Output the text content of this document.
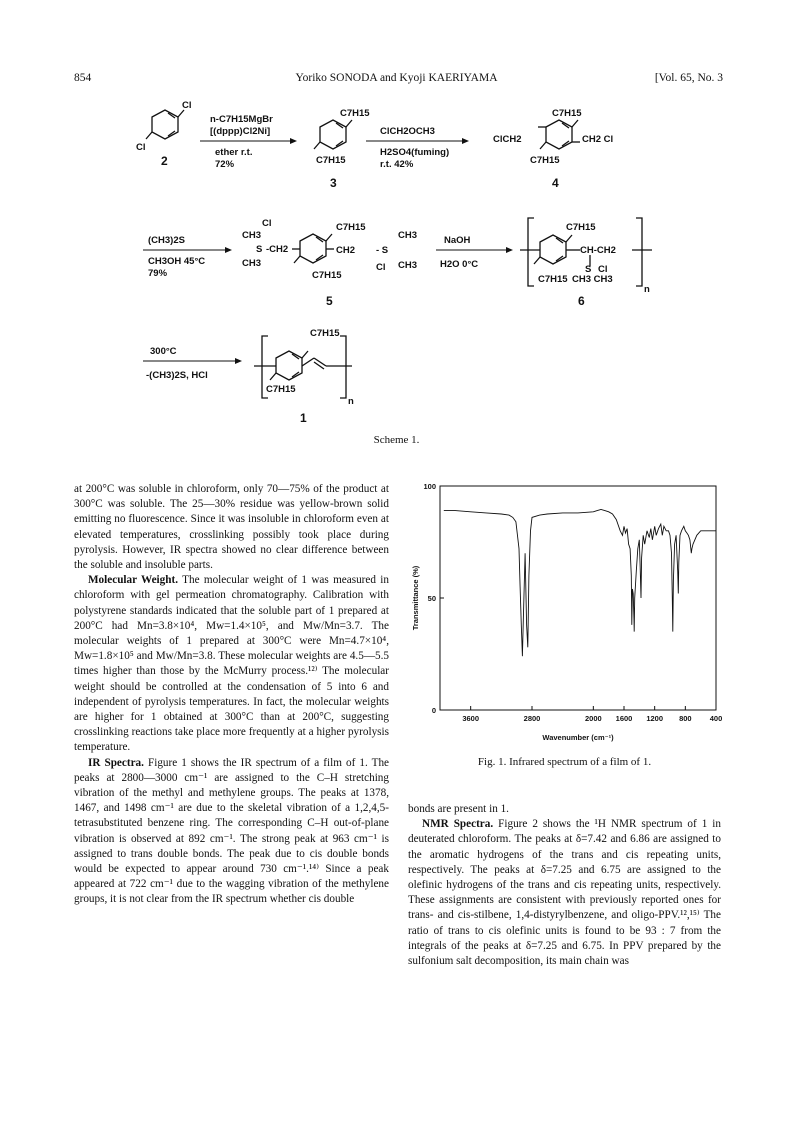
854	Yoriko SONODA and Kyoji KAERIYAMA	[Vol. 65, No. 3
Cl
Cl
2
n-C7H15MgBr
[(dppp)Cl2Ni]
ether r.t.
72%
C7H15
C7H15
3
ClCH2OCH3
H2SO4(fuming)
r.t. 42%
C7H15
ClCH2	CH2 Cl
C7H15
4
(CH3)2S
CH3OH 45°C
79%
CH3
Cl
S -CH2
CH3
C7H15
CH2 - S
CH3
CH3
Cl
C7H15
5
NaOH
H2O 0°C
C7H15
CH-CH2
S Cl
C7H15 CH3 CH3
n
6
300°C
-(CH3)2S, HCl
C7H15
C7H15
n
1
Scheme 1.

at 200°C was soluble in chloroform, only 70—75% of the product at 300°C was soluble. The 25—30% residue was yellow-brown solid emitting no fluorescence. Since it was insoluble in chloroform even at elevated temperatures, crosslinking possibly took place during pyrolysis. However, IR spectra showed no clear difference between the soluble and insoluble parts.

Molecular Weight. The molecular weight of 1 was measured in chloroform with gel permeation chromatography. Calibration with polystyrene standards indicated that the soluble part of 1 prepared at 200°C had Mn=3.8×10⁴, Mw=1.4×10⁵, and Mw/Mn=3.7. The molecular weights of 1 prepared at 300°C were Mn=4.7×10⁴, Mw=1.8×10⁵ and Mw/Mn=3.8. These molecular weights are 4.5—5.5 times higher than those by the McMurry process.¹²⁾ The molecular weight should be controlled at the condensation of 5 into 6 and independent of pyrolysis temperatures. In fact, the molecular weights are higher for 1 obtained at 300°C than at 200°C, suggesting crosslinking reactions take place more frequently at a higher pyrolysis temperature.

IR Spectra. Figure 1 shows the IR spectrum of a film of 1. The peaks at 2800—3000 cm⁻¹ are assigned to the C–H stretching vibration of the methyl and methylene groups. The peaks at 1378, 1467, and 1498 cm⁻¹ are due to the skeletal vibration of a 1,2,4,5-tetrasubstituted benzene ring. The corresponding C–H out-of-plane vibration is observed at 892 cm⁻¹. The strong peak at 963 cm⁻¹ is assigned to trans double bonds. The peak due to cis double bonds would be expected to appear around 730 cm⁻¹.¹⁴⁾ Since a peak appeared at 722 cm⁻¹ due to the wagging vibration of the methylene groups, it is not clear from the IR spectrum whether cis double

100
50
0
3600	2800	2000 1600 1200 800 400
Wavenumber (cm⁻¹)
Transmittance (%)
Fig. 1. Infrared spectrum of a film of 1.

bonds are present in 1.

NMR Spectra. Figure 2 shows the ¹H NMR spectrum of 1 in deuterated chloroform. The peaks at δ=7.42 and 6.86 are assigned to the aromatic hydrogens of the trans and cis repeating units, respectively. The peaks at δ=7.25 and 6.75 are assigned to the olefinic hydrogens of the trans and cis repeating units, respectively. These assignments are consistent with previously reported ones for trans- and cis-stilbene, 1,4-distyrylbenzene, and oligo-PPV.¹²,¹⁵⁾ The ratio of trans to cis olefinic units is found to be 93 : 7 from the integrals of the peaks at δ=7.25 and 6.75. In PPV prepared by the sulfonium salt decomposition, its main chain was
